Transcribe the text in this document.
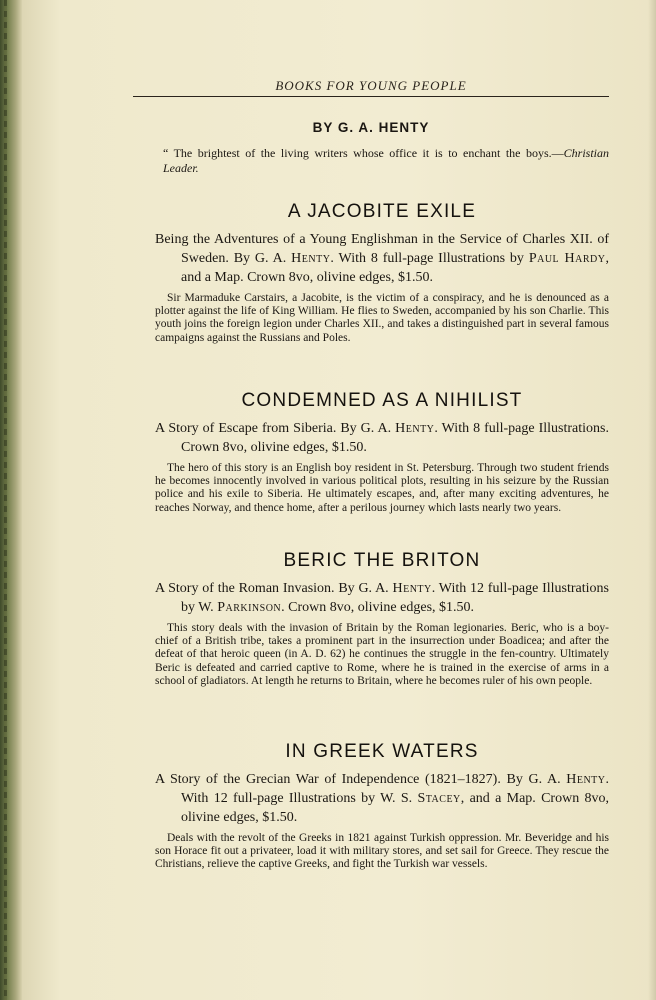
BOOKS FOR YOUNG PEOPLE
BY G. A. HENTY
“ The brightest of the living writers whose office it is to enchant the boys.—Christian Leader.
A JACOBITE EXILE
Being the Adventures of a Young Englishman in the Service of Charles XII. of Sweden. By G. A. Henty. With 8 full-page Illustrations by Paul Hardy, and a Map. Crown 8vo, olivine edges, $1.50.
Sir Marmaduke Carstairs, a Jacobite, is the victim of a conspiracy, and he is denounced as a plotter against the life of King William. He flies to Sweden, accompanied by his son Charlie. This youth joins the foreign legion under Charles XII., and takes a distinguished part in several famous campaigns against the Russians and Poles.
CONDEMNED AS A NIHILIST
A Story of Escape from Siberia. By G. A. Henty. With 8 full-page Illustrations. Crown 8vo, olivine edges, $1.50.
The hero of this story is an English boy resident in St. Petersburg. Through two student friends he becomes innocently involved in various political plots, resulting in his seizure by the Russian police and his exile to Siberia. He ultimately escapes, and, after many exciting adventures, he reaches Norway, and thence home, after a perilous journey which lasts nearly two years.
BERIC THE BRITON
A Story of the Roman Invasion. By G. A. Henty. With 12 full-page Illustrations by W. Parkinson. Crown 8vo, olivine edges, $1.50.
This story deals with the invasion of Britain by the Roman legionaries. Beric, who is a boy-chief of a British tribe, takes a prominent part in the insurrection under Boadicea; and after the defeat of that heroic queen (in A. D. 62) he continues the struggle in the fen-country. Ultimately Beric is defeated and carried captive to Rome, where he is trained in the exercise of arms in a school of gladiators. At length he returns to Britain, where he becomes ruler of his own people.
IN GREEK WATERS
A Story of the Grecian War of Independence (1821–1827). By G. A. Henty. With 12 full-page Illustrations by W. S. Stacey, and a Map. Crown 8vo, olivine edges, $1.50.
Deals with the revolt of the Greeks in 1821 against Turkish oppression. Mr. Beveridge and his son Horace fit out a privateer, load it with military stores, and set sail for Greece. They rescue the Christians, relieve the captive Greeks, and fight the Turkish war vessels.
